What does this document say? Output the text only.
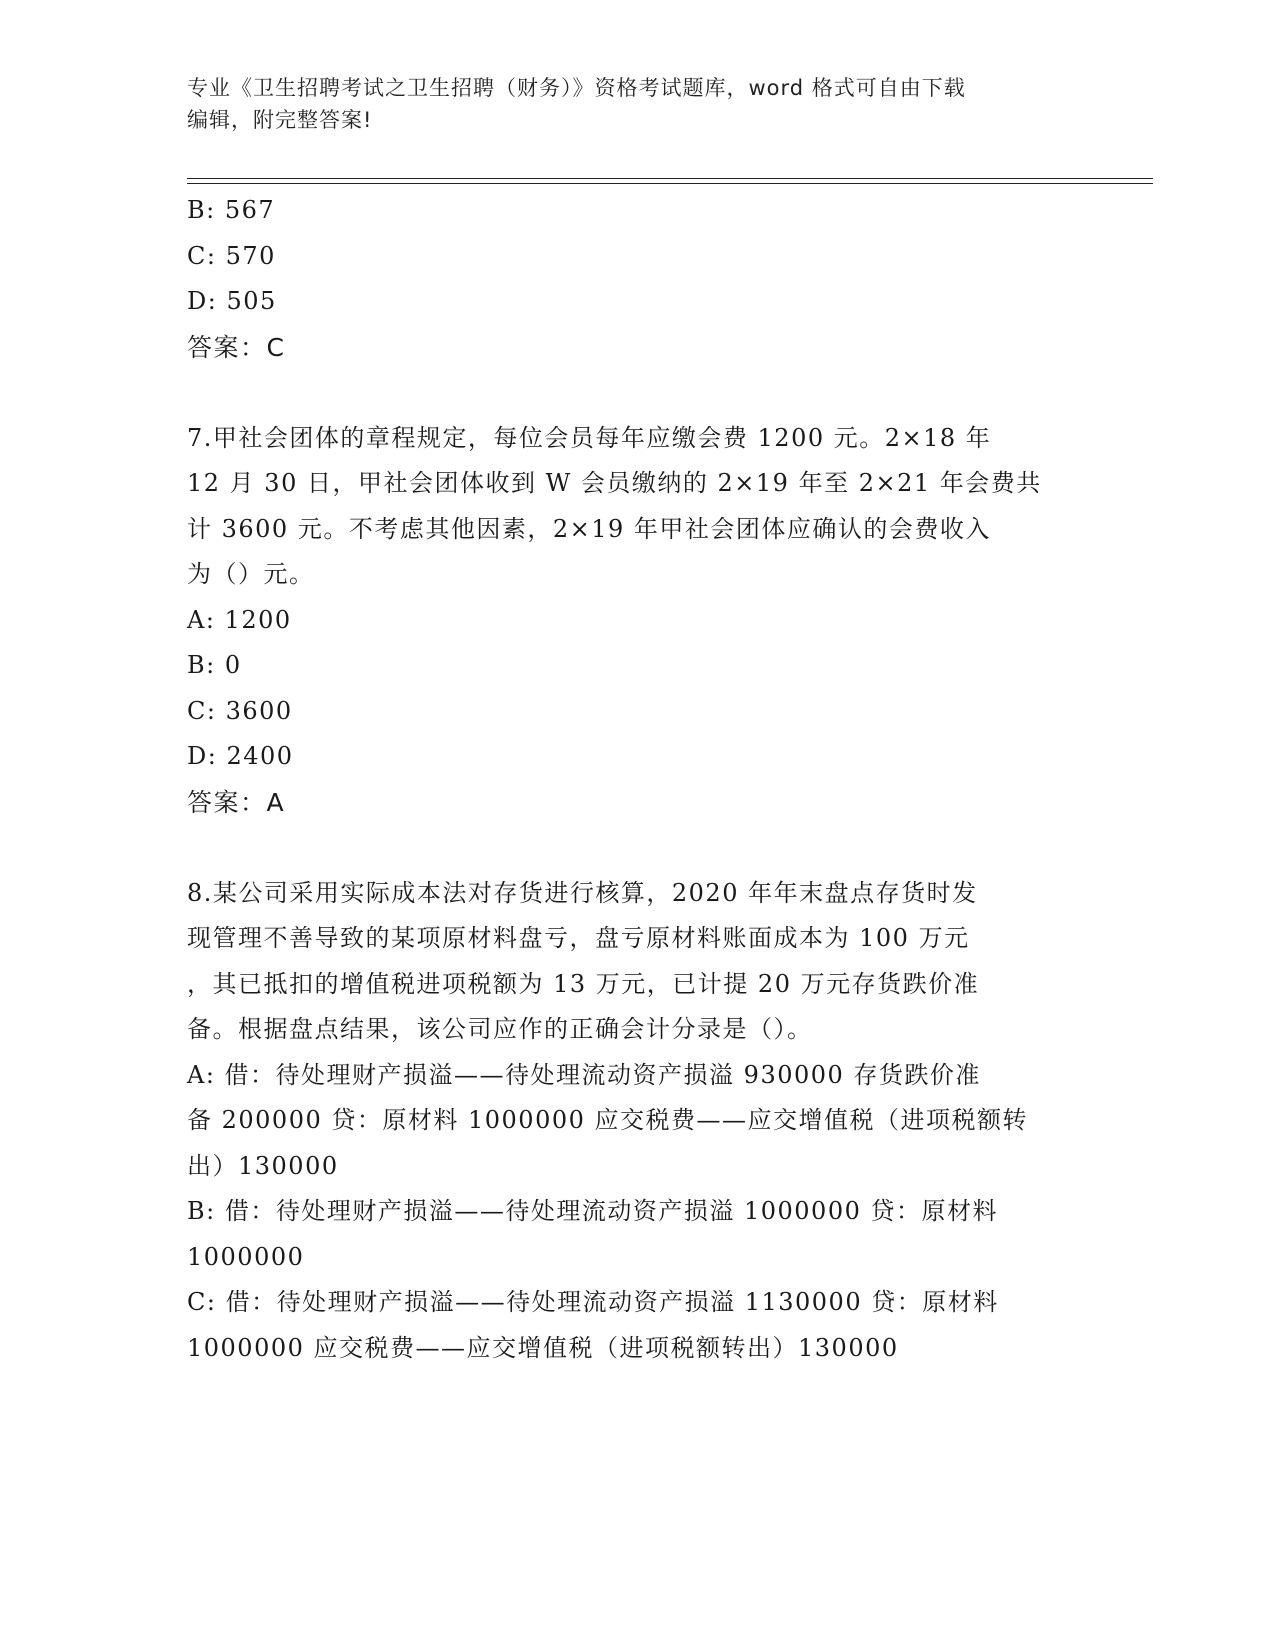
专业《卫生招聘考试之卫生招聘（财务）》资格考试题库，word 格式可自由下载
编辑，附完整答案!
B: 567
C: 570
D: 505
答案：C
7.甲社会团体的章程规定，每位会员每年应缴会费 1200 元。2×18 年
12 月 30 日，甲社会团体收到 W 会员缴纳的 2×19 年至 2×21 年会费共
计 3600 元。不考虑其他因素，2×19 年甲社会团体应确认的会费收入
为（）元。
A: 1200
B: 0
C: 3600
D: 2400
答案：A
8.某公司采用实际成本法对存货进行核算，2020 年年末盘点存货时发
现管理不善导致的某项原材料盘亏，盘亏原材料账面成本为 100 万元
，其已抵扣的增值税进项税额为 13 万元，已计提 20 万元存货跌价准
备。根据盘点结果，该公司应作的正确会计分录是（）。
A: 借：待处理财产损溢——待处理流动资产损溢 930000 存货跌价准
备 200000 贷：原材料 1000000 应交税费——应交增值税（进项税额转
出）130000
B: 借：待处理财产损溢——待处理流动资产损溢 1000000 贷：原材料
1000000
C: 借：待处理财产损溢——待处理流动资产损溢 1130000 贷：原材料
1000000 应交税费——应交增值税（进项税额转出）130000
